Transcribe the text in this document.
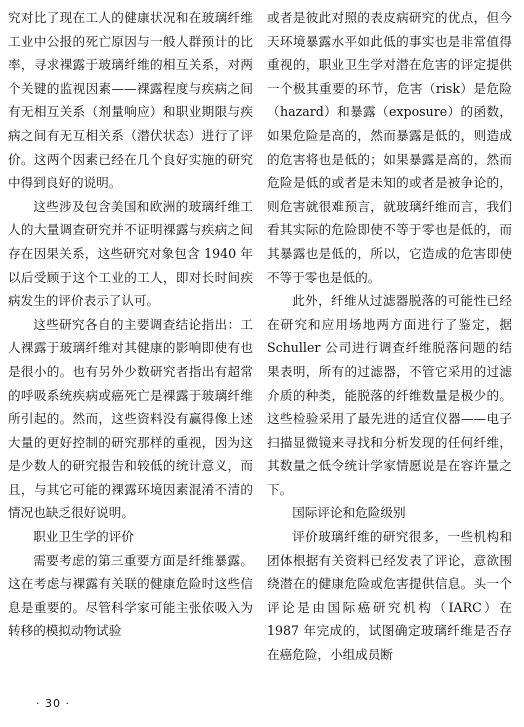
究对比了现在工人的健康状况和在玻璃纤维工业中公报的死亡原因与一般人群预计的比率，寻求裸露于玻璃纤维的相互关系，对两个关键的监视因素——裸露程度与疾病之间有无相互关系（剂量响应）和职业期限与疾病之间有无互相关系（潜伏状态）进行了评价。这两个因素已经在几个良好实施的研究中得到良好的说明。

这些涉及包含美国和欧洲的玻璃纤维工人的大量调查研究并不证明裸露与疾病之间存在因果关系，这些研究对象包含 1940 年以后受顾于这个工业的工人，即对长时间疾病发生的评价表示了认可。

这些研究各自的主要调查结论指出：工人裸露于玻璃纤维对其健康的影响即使有也是很小的。也有另外少数研究者指出有超常的呼吸系统疾病或癌死亡是裸露于玻璃纤维所引起的。然而，这些资料没有赢得像上述大量的更好控制的研究那样的重视，因为这是少数人的研究报告和较低的统计意义，而且，与其它可能的裸露环境因素混淆不清的情况也缺乏很好说明。

职业卫生学的评价

需要考虑的第三重要方面是纤维暴露。这在考虑与裸露有关联的健康危险时这些信息是重要的。尽管科学家可能主张依吸入为转移的模拟动物试验

或者是彼此对照的表皮病研究的优点，但今天环境暴露水平如此低的事实也是非常值得重视的，职业卫生学对潜在危害的评定提供一个极其重要的环节，危害（risk）是危险（hazard）和暴露（exposure）的函数，如果危险是高的，然而暴露是低的，则造成的危害将也是低的；如果暴露是高的，然而危险是低的或者是未知的或者是被争论的，则危害就很难预言，就玻璃纤维而言，我们看其实际的危险即使不等于零也是低的，而其暴露也是低的，所以，它造成的危害即使不等于零也是低的。

此外，纤维从过滤器脱落的可能性已经在研究和应用场地两方面进行了鉴定，据 Schuller 公司进行调查纤维脱落问题的结果表明，所有的过滤器，不管它采用的过滤介质的种类，能脱落的纤维数量是极少的。这些检验采用了最先进的适宜仪器——电子扫描显微镜来寻找和分析发现的任何纤维，其数量之低令统计学家情愿说是在容许量之下。

国际评论和危险级别

评价玻璃纤维的研究很多，一些机构和团体根据有关资料已经发表了评论，意欲围绕潜在的健康危险或危害提供信息。头一个评论是由国际癌研究机构（IARC）在 1987 年完成的，试图确定玻璃纤维是否存在癌危险，小组成员断

· 30 ·
